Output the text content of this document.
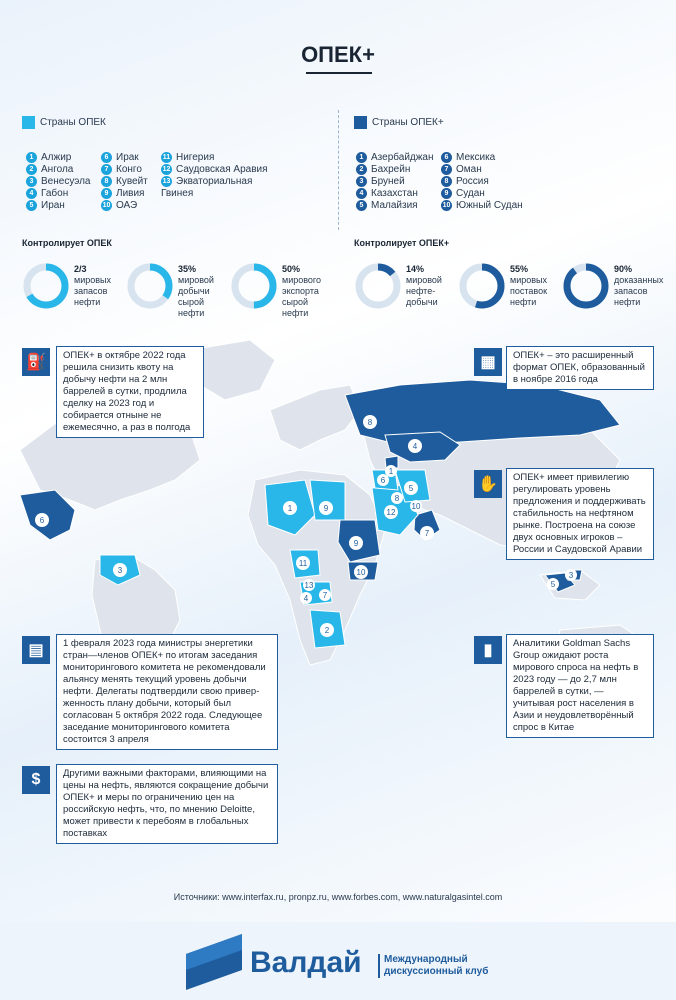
ОПЕК+
Страны ОПЕК	Страны ОПЕК+
1 Алжир
2 Ангола
3 Венесуэла
4 Габон
5 Иран
6 Ирак
7 Конго
8 Кувейт
9 Ливия
10 ОАЭ
11 Нигерия
12 Саудовская Аравия
13 Экваториальная Гвинея
1 Азербайджан
2 Бахрейн
3 Бруней
4 Казахстан
5 Малайзия
6 Мексика
7 Оман
8 Россия
9 Судан
10 Южный Судан
Контролирует ОПЕК	Контролирует ОПЕК+
2/3
мировых запасов нефти
35%
мировой добычи сырой нефти
50%
мирового экспорта сырой нефти
14%
мировой нефте-добычи
55%
мировых поставок нефти
90%
доказанных запасов нефти
8
4
6
9
10
7
1
5
3
3
1	9
11
12
5
6
8
10
2
4 7
13
⛽	ОПЕК+ в октябре 2022 года решила снизить квоту на добычу нефти на 2 млн баррелей в сутки, продлила сделку на 2023 год и собирается отныне не ежемесячно, а раз в полгода
▦	ОПЕК+ – это расширенный формат ОПЕК, образованный в ноябре 2016 года
✋	ОПЕК+ имеет привилегию регулировать уровень предложения и поддерживать стабильность на нефтяном рынке. Построена на союзе двух основных игроков – России и Саудовской Аравии
▤	1 февраля 2023 года министры энергетики стран—членов ОПЕК+ по итогам заседания мониторингового комитета не рекомендовали альянсу менять текущий уровень добычи нефти. Делегаты подтвердили свою приверженность плану добычи, который был согласован 5 октября 2022 года. Следующее заседание мониторингового комитета состоится 3 апреля
▮	Аналитики Goldman Sachs Group ожидают роста мирового спроса на нефть в 2023 году — до 2,7 млн баррелей в сутки, — учитывая рост населения в Азии и неудовлетворённый спрос в Китае
$	Другими важными факторами, влияющими на цены на нефть, являются сокращение добычи ОПЕК+ и меры по ограничению цен на российскую нефть, что, по мнению Deloitte, может привести к перебоям в глобальных поставках
Источники: www.interfax.ru, pronpz.ru, www.forbes.com, www.naturalgasintel.com
Валдай	Международный дискуссионный клуб
